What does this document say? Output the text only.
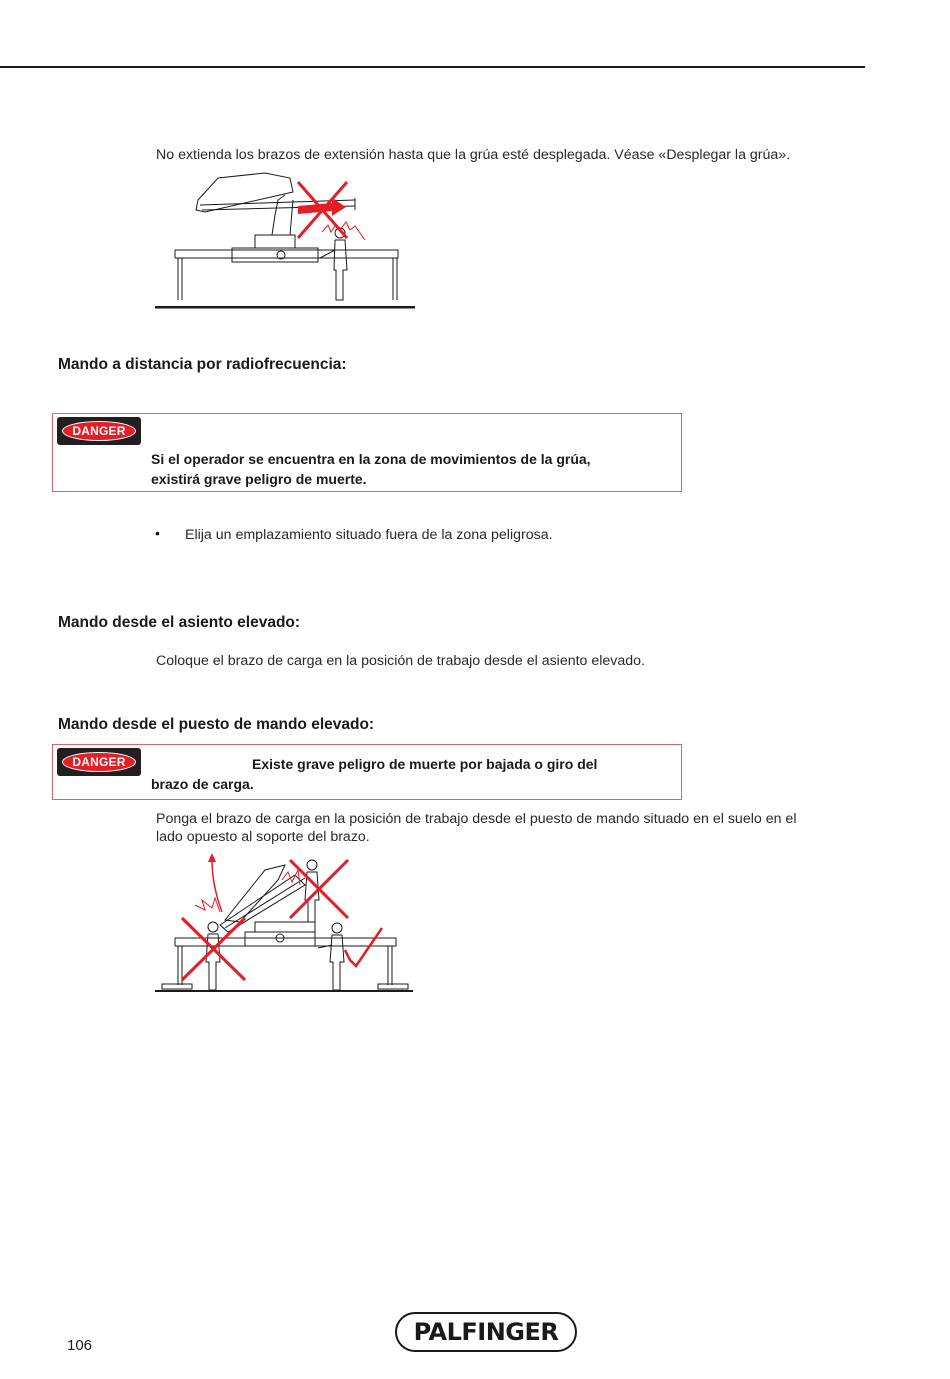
No extienda los brazos de extensión hasta que la grúa esté desplegada. Véase «Desplegar la grúa».

Mando a distancia por radiofrecuencia:
DANGER
Si el operador se encuentra en la zona de movimientos de la grúa,
existirá grave peligro de muerte.
• Elija un emplazamiento situado fuera de la zona peligrosa.

Mando desde el asiento elevado:

Coloque el brazo de carga en la posición de trabajo desde el asiento elevado.

Mando desde el puesto de mando elevado:
DANGER	Existe grave peligro de muerte por bajada o giro del
brazo de carga.

Ponga el brazo de carga en la posición de trabajo desde el puesto de mando situado en el suelo en el

lado opuesto al soporte del brazo.

PALFINGER
106
